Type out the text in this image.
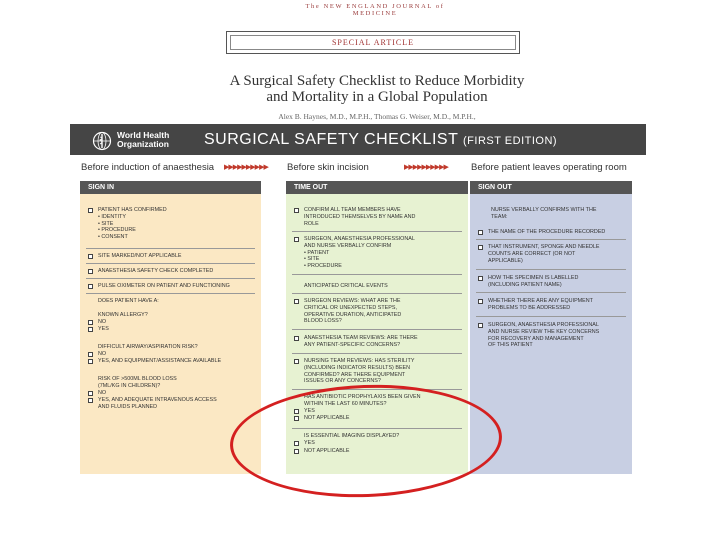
The NEW ENGLAND JOURNAL of MEDICINE
SPECIAL ARTICLE
A Surgical Safety Checklist to Reduce Morbidity
and Mortality in a Global Population
Alex B. Haynes, M.D., M.P.H., Thomas G. Weiser, M.D., M.P.H.,
World Health
Organization SURGICAL SAFETY CHECKLIST (FIRST EDITION)
Before induction of anaesthesia ▶▶▶▶▶▶▶▶▶▶ Before skin incision	▶▶▶▶▶▶▶▶▶▶ Before patient leaves operating room
SIGN IN
PATIENT HAS CONFIRMED
• IDENTITY
• SITE
• PROCEDURE
• CONSENT
SITE MARKED/NOT APPLICABLE
ANAESTHESIA SAFETY CHECK COMPLETED
PULSE OXIMETER ON PATIENT AND FUNCTIONING
DOES PATIENT HAVE A:
KNOWN ALLERGY?
NO
YES
DIFFICULT AIRWAY/ASPIRATION RISK?
NO
YES, AND EQUIPMENT/ASSISTANCE AVAILABLE
RISK OF >500ML BLOOD LOSS
(7ML/KG IN CHILDREN)?
NO
YES, AND ADEQUATE INTRAVENOUS ACCESS
AND FLUIDS PLANNED
TIME OUT
CONFIRM ALL TEAM MEMBERS HAVE
INTRODUCED THEMSELVES BY NAME AND
ROLE
SURGEON, ANAESTHESIA PROFESSIONAL
AND NURSE VERBALLY CONFIRM
• PATIENT
• SITE
• PROCEDURE
ANTICIPATED CRITICAL EVENTS
SURGEON REVIEWS: WHAT ARE THE
CRITICAL OR UNEXPECTED STEPS,
OPERATIVE DURATION, ANTICIPATED
BLOOD LOSS?
ANAESTHESIA TEAM REVIEWS: ARE THERE
ANY PATIENT-SPECIFIC CONCERNS?
NURSING TEAM REVIEWS: HAS STERILITY
(INCLUDING INDICATOR RESULTS) BEEN
CONFIRMED? ARE THERE EQUIPMENT
ISSUES OR ANY CONCERNS?
HAS ANTIBIOTIC PROPHYLAXIS BEEN GIVEN
WITHIN THE LAST 60 MINUTES?
YES
NOT APPLICABLE
IS ESSENTIAL IMAGING DISPLAYED?
YES
NOT APPLICABLE
SIGN OUT
NURSE VERBALLY CONFIRMS WITH THE
TEAM:
THE NAME OF THE PROCEDURE RECORDED
THAT INSTRUMENT, SPONGE AND NEEDLE
COUNTS ARE CORRECT (OR NOT
APPLICABLE)
HOW THE SPECIMEN IS LABELLED
(INCLUDING PATIENT NAME)
WHETHER THERE ARE ANY EQUIPMENT
PROBLEMS TO BE ADDRESSED
SURGEON, ANAESTHESIA PROFESSIONAL
AND NURSE REVIEW THE KEY CONCERNS
FOR RECOVERY AND MANAGEMENT
OF THIS PATIENT
